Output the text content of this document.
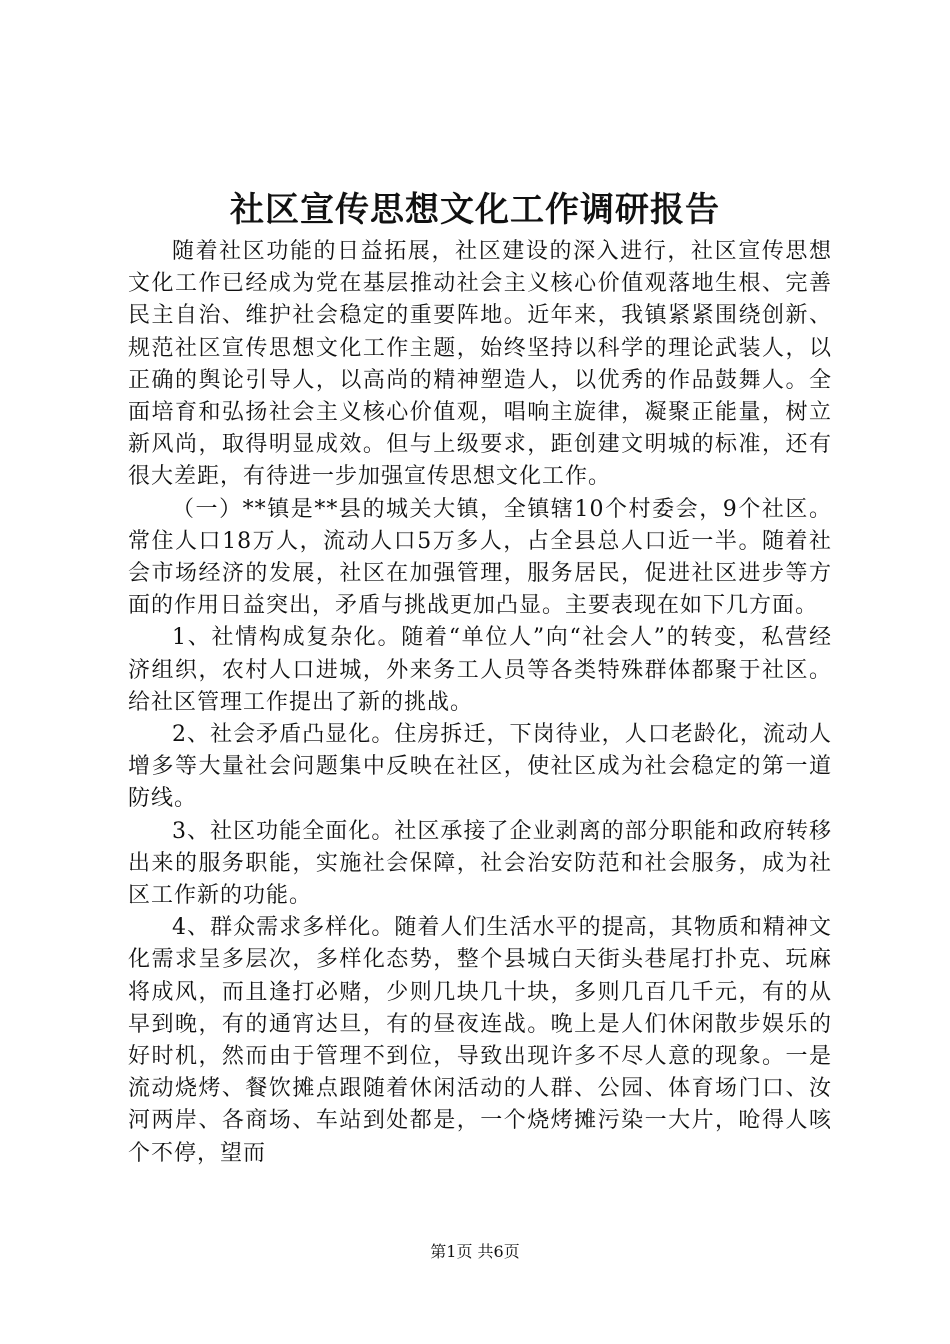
社区宣传思想文化工作调研报告

随着社区功能的日益拓展，社区建设的深入进行，社区宣传思想文化工作已经成为党在基层推动社会主义核心价值观落地生根、完善民主自治、维护社会稳定的重要阵地。近年来，我镇紧紧围绕创新、规范社区宣传思想文化工作主题，始终坚持以科学的理论武装人，以正确的舆论引导人，以高尚的精神塑造人，以优秀的作品鼓舞人。全面培育和弘扬社会主义核心价值观，唱响主旋律，凝聚正能量，树立新风尚，取得明显成效。但与上级要求，距创建文明城的标准，还有很大差距，有待进一步加强宣传思想文化工作。

（一）**镇是**县的城关大镇，全镇辖10个村委会，9个社区。常住人口18万人，流动人口5万多人，占全县总人口近一半。随着社会市场经济的发展，社区在加强管理，服务居民，促进社区进步等方面的作用日益突出，矛盾与挑战更加凸显。主要表现在如下几方面。

1、社情构成复杂化。随着“单位人”向“社会人”的转变，私营经济组织，农村人口进城，外来务工人员等各类特殊群体都聚于社区。给社区管理工作提出了新的挑战。

2、社会矛盾凸显化。住房拆迁，下岗待业，人口老龄化，流动人增多等大量社会问题集中反映在社区，使社区成为社会稳定的第一道防线。

3、社区功能全面化。社区承接了企业剥离的部分职能和政府转移出来的服务职能，实施社会保障，社会治安防范和社会服务，成为社区工作新的功能。

4、群众需求多样化。随着人们生活水平的提高，其物质和精神文化需求呈多层次，多样化态势，整个县城白天街头巷尾打扑克、玩麻将成风，而且逢打必赌，少则几块几十块，多则几百几千元，有的从早到晚，有的通宵达旦，有的昼夜连战。晚上是人们休闲散步娱乐的好时机，然而由于管理不到位，导致出现许多不尽人意的现象。一是流动烧烤、餐饮摊点跟随着休闲活动的人群、公园、体育场门口、汝河两岸、各商场、车站到处都是，一个烧烤摊污染一大片，呛得人咳个不停，望而

第1页 共6页
